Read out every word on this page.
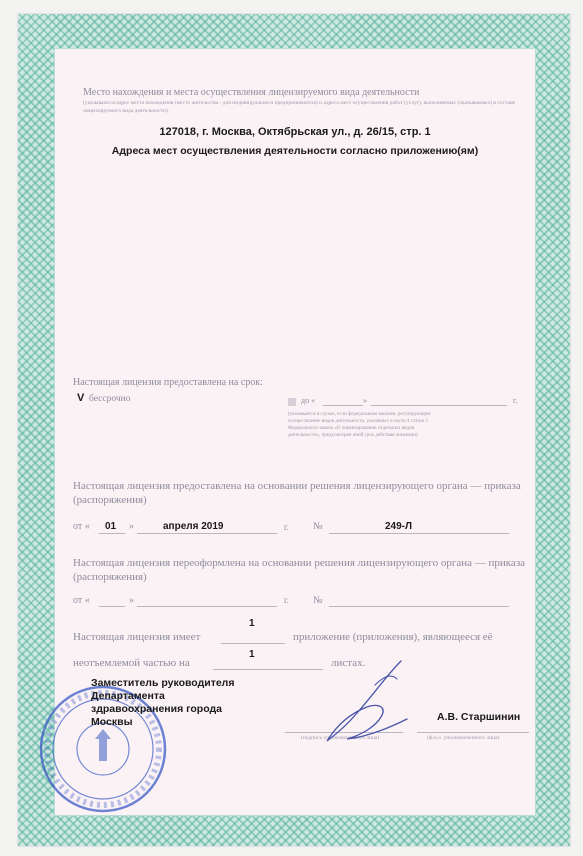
Место нахождения и места осуществления лицензируемого вида деятельности
(указываются адрес места нахождения (место жительства - для индивидуального предпринимателя) и адреса мест осуществления работ (услуг), выполняемых (оказываемых) в составе лицензируемого вида деятельности)
127018, г. Москва, Октябрьская ул., д. 26/15, стр. 1
Адреса мест осуществления деятельности согласно приложению(ям)
Настоящая лицензия предоставлена на срок:
V бессрочно	до «	»	г.
(указывается в случае, если федеральным законом, регулирующим осуществление видов деятельности, указанных в части 4 статьи 1 Федерального закона «О лицензировании отдельных видов деятельности», предусмотрен иной срок действия лицензии)
Настоящая лицензия предоставлена на основании решения лицензирующего органа — приказа (распоряжения)
от « 01 »	апреля 2019	г. №	249-Л
Настоящая лицензия переоформлена на основании решения лицензирующего органа — приказа (распоряжения)
от «	»	г. №
Настоящая лицензия имеет
1
приложение (приложения), являющееся её
неотъемлемой частью на
1
листах.
Заместитель руководителя Департамента здравоохранения города Москвы
(подпись уполномоченного лица)
А.В. Старшинин
(ф.и.о. уполномоченного лица)
